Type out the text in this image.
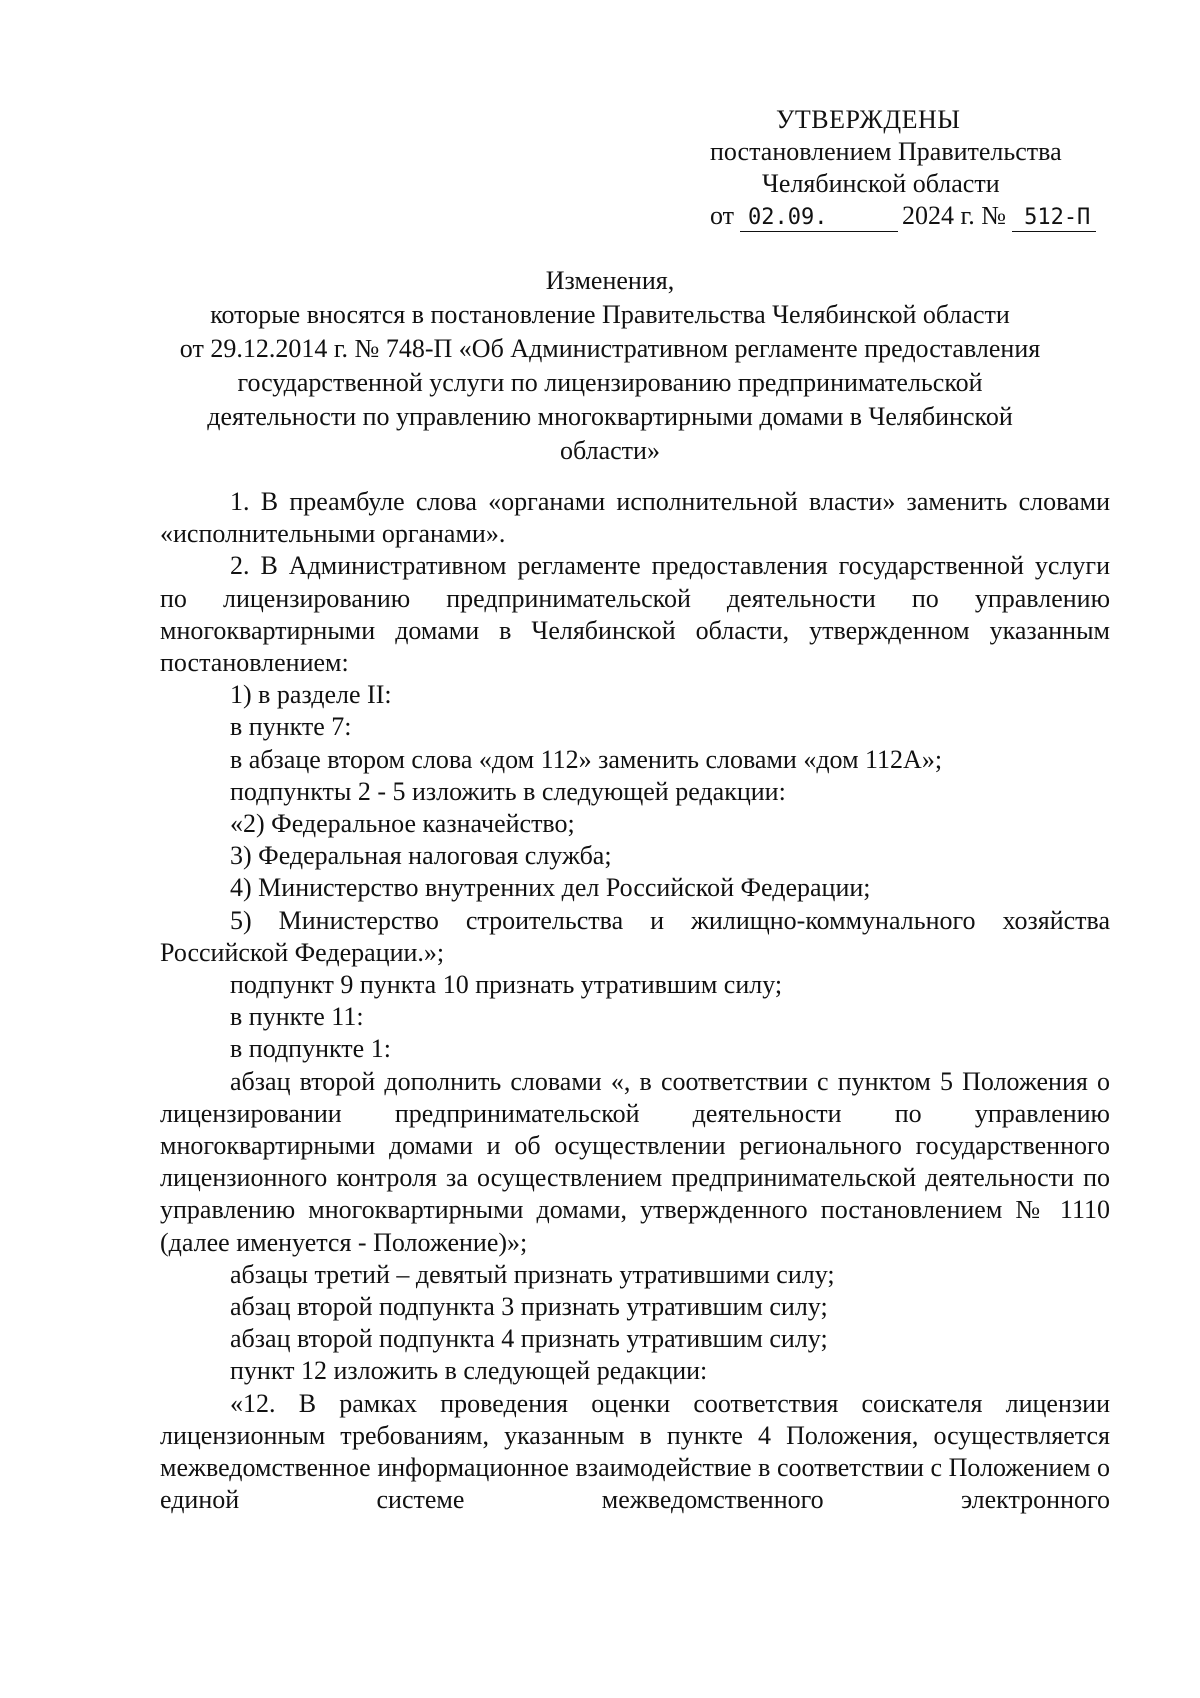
УТВЕРЖДЕНЫ
постановлением Правительства
Челябинской области
от 02.09.	2024 г. № 512-П
Изменения,
которые вносятся в постановление Правительства Челябинской области
от 29.12.2014 г. № 748-П «Об Административном регламенте предоставления
государственной услуги по лицензированию предпринимательской
деятельности по управлению многоквартирными домами в Челябинской
области»

1. В преамбуле слова «органами исполнительной власти» заменить словами «исполнительными органами».

2. В Административном регламенте предоставления государственной услуги по лицензированию предпринимательской деятельности по управлению многоквартирными домами в Челябинской области, утвержденном указанным постановлением:

1) в разделе II:

в пункте 7:

в абзаце втором слова «дом 112» заменить словами «дом 112А»;

подпункты 2 - 5 изложить в следующей редакции:

«2) Федеральное казначейство;

3) Федеральная налоговая служба;

4) Министерство внутренних дел Российской Федерации;

5) Министерство строительства и жилищно-коммунального хозяйства Российской Федерации.»;

подпункт 9 пункта 10 признать утратившим силу;

в пункте 11:

в подпункте 1:

абзац второй дополнить словами «, в соответствии с пунктом 5 Положения о лицензировании предпринимательской деятельности по управлению многоквартирными домами и об осуществлении регионального государственного лицензионного контроля за осуществлением предпринимательской деятельности по управлению многоквартирными домами, утвержденного постановлением № 1110 (далее именуется - Положение)»;

абзацы третий – девятый признать утратившими силу;

абзац второй подпункта 3 признать утратившим силу;

абзац второй подпункта 4 признать утратившим силу;

пункт 12 изложить в следующей редакции:

«12. В рамках проведения оценки соответствия соискателя лицензии лицензионным требованиям, указанным в пункте 4 Положения, осуществляется межведомственное информационное взаимодействие в соответствии с Положением о единой системе межведомственного электронного
